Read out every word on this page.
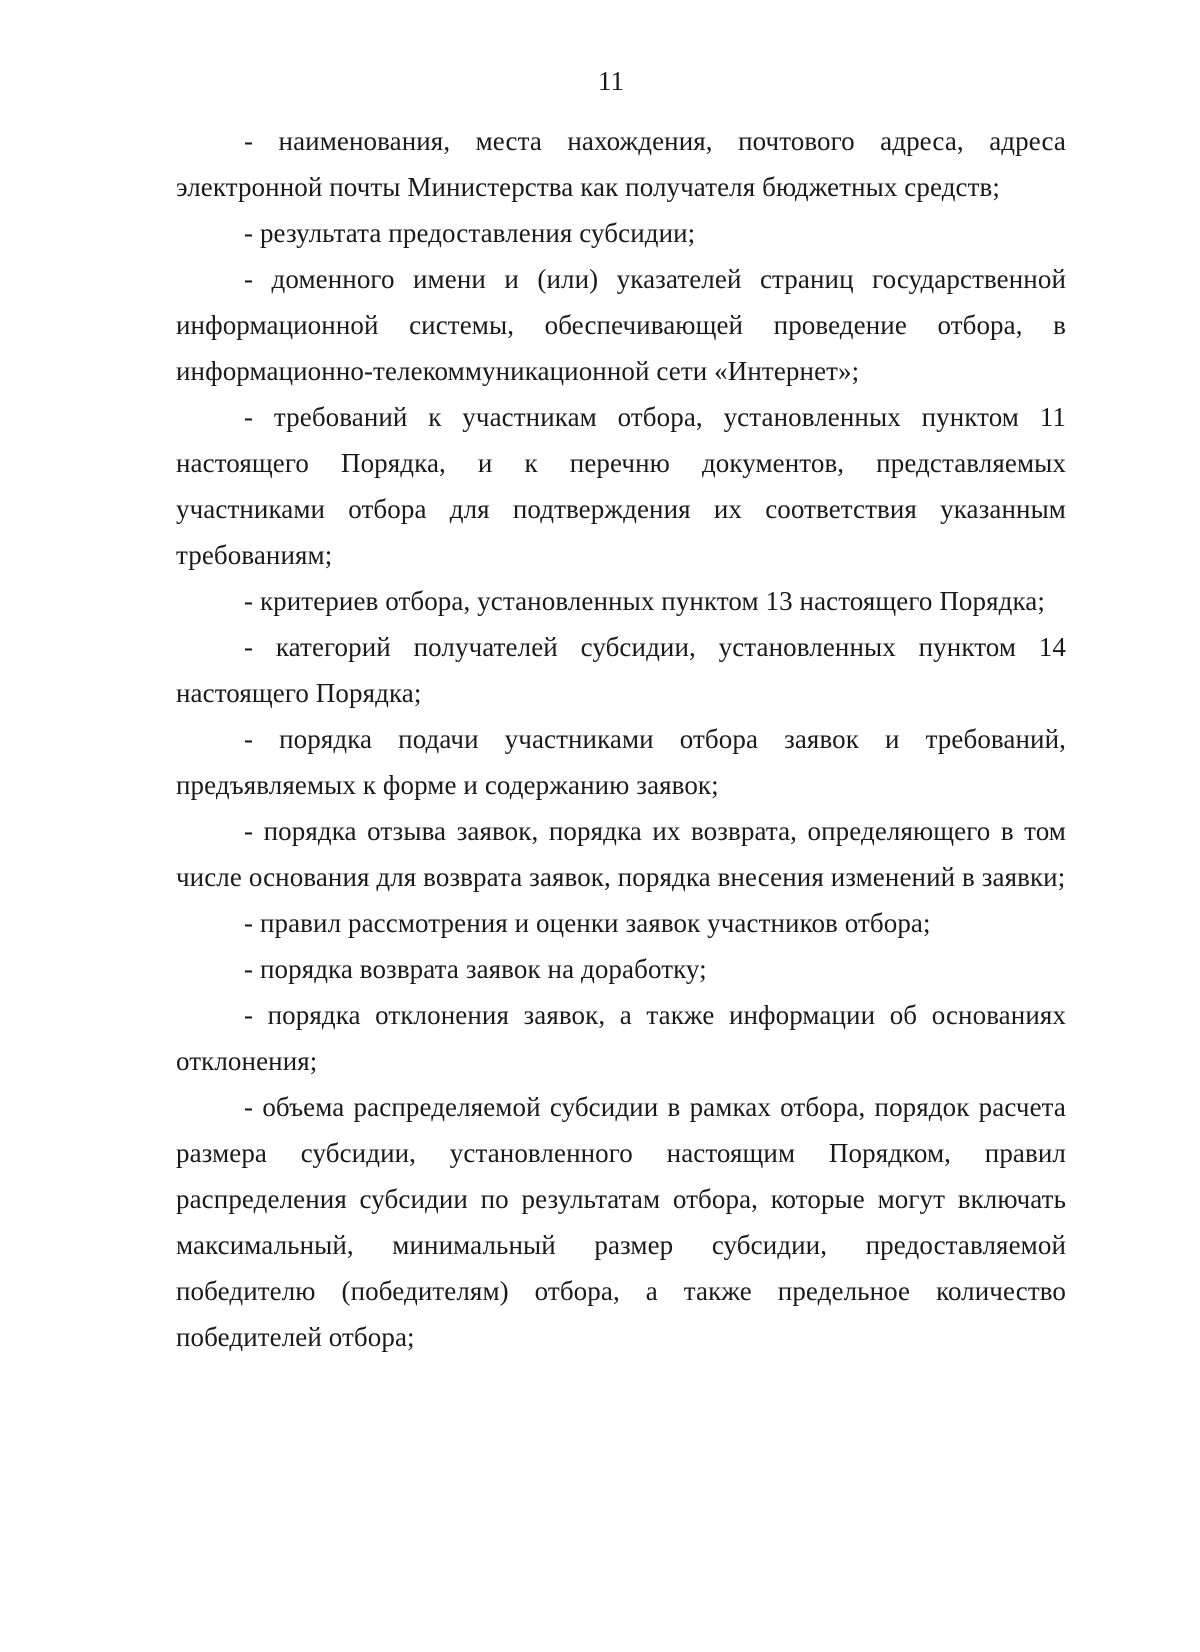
11

- наименования, места нахождения, почтового адреса, адреса электронной почты Министерства как получателя бюджетных средств;

- результата предоставления субсидии;

- доменного имени и (или) указателей страниц государственной информационной системы, обеспечивающей проведение отбора, в информационно-телекоммуникационной сети «Интернет»;

- требований к участникам отбора, установленных пунктом 11 настоящего Порядка, и к перечню документов, представляемых участниками отбора для подтверждения их соответствия указанным требованиям;

- критериев отбора, установленных пунктом 13 настоящего Порядка;

- категорий получателей субсидии, установленных пунктом 14 настоящего Порядка;

- порядка подачи участниками отбора заявок и требований, предъявляемых к форме и содержанию заявок;

- порядка отзыва заявок, порядка их возврата, определяющего в том числе основания для возврата заявок, порядка внесения изменений в заявки;

- правил рассмотрения и оценки заявок участников отбора;

- порядка возврата заявок на доработку;

- порядка отклонения заявок, а также информации об основаниях отклонения;

- объема распределяемой субсидии в рамках отбора, порядок расчета размера субсидии, установленного настоящим Порядком, правил распределения субсидии по результатам отбора, которые могут включать максимальный, минимальный размер субсидии, предоставляемой победителю (победителям) отбора, а также предельное количество победителей отбора;
